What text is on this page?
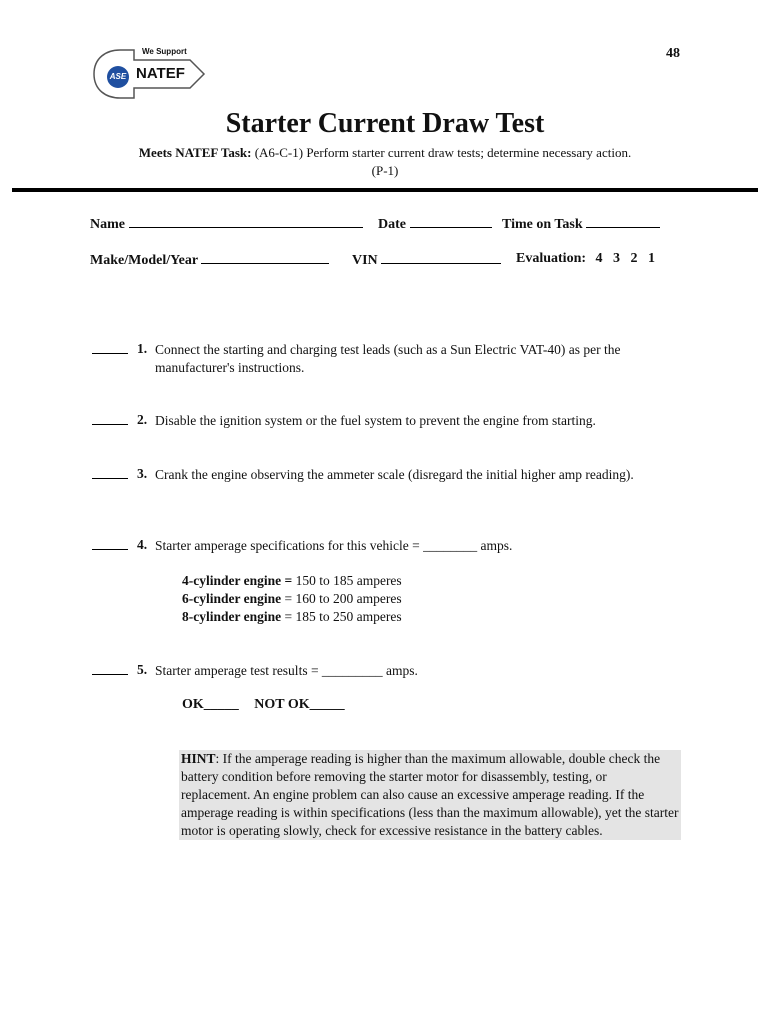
48
We Support
ASE NATEF
Starter Current Draw Test
Meets NATEF Task: (A6-C-1) Perform starter current draw tests; determine necessary action.
(P-1)
Name	Date	Time on Task
Make/Model/Year	VIN	Evaluation: 4   3   2   1
1. Connect the starting and charging test leads (such as a Sun Electric VAT-40) as per the manufacturer's instructions.
2. Disable the ignition system or the fuel system to prevent the engine from starting.
3. Crank the engine observing the ammeter scale (disregard the initial higher amp reading).
4. Starter amperage specifications for this vehicle = ________ amps.
4-cylinder engine = 150 to 185 amperes
6-cylinder engine = 160 to 200 amperes
8-cylinder engine = 185 to 250 amperes
5. Starter amperage test results = _________ amps.
OK_____ NOT OK_____
HINT: If the amperage reading is higher than the maximum allowable, double check the battery condition before removing the starter motor for disassembly, testing, or replacement. An engine problem can also cause an excessive amperage reading. If the amperage reading is within specifications (less than the maximum allowable), yet the starter motor is operating slowly, check for excessive resistance in the battery cables.
